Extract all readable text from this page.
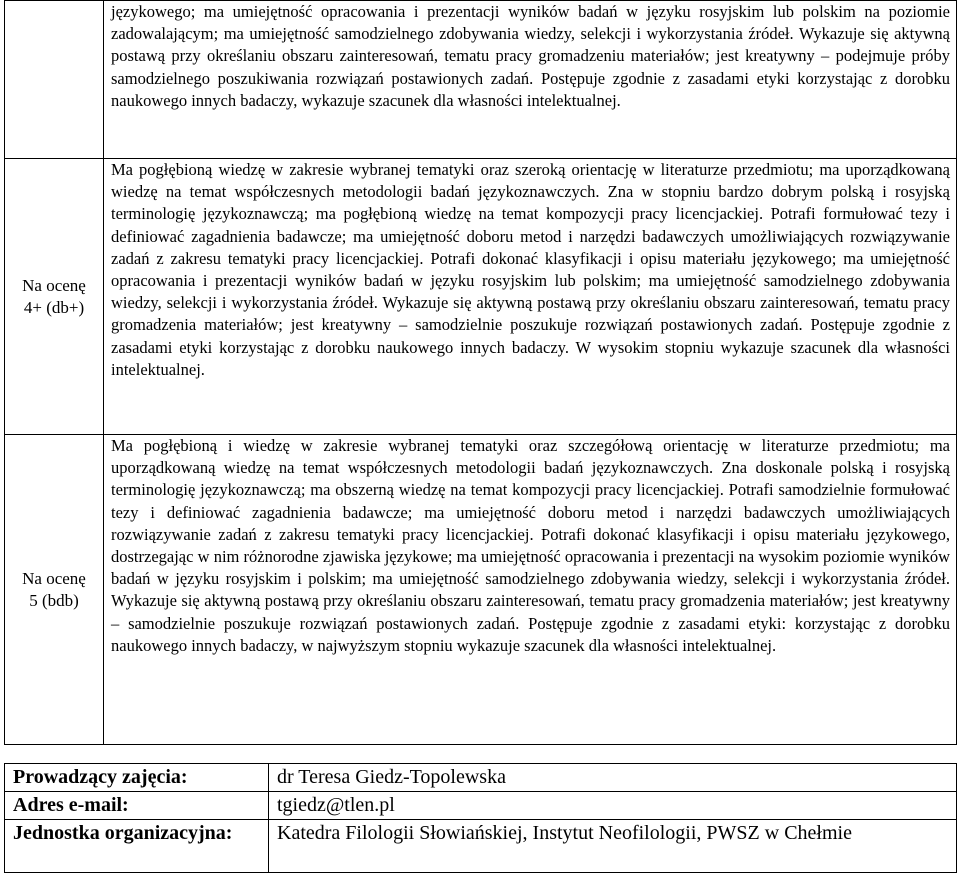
	językowego; ma umiejętność opracowania i prezentacji wyników badań w języku rosyjskim lub polskim na poziomie zadowalającym; ma umiejętność samodzielnego zdobywania wiedzy, selekcji i wykorzystania źródeł. Wykazuje się aktywną postawą przy określaniu obszaru zainteresowań, tematu pracy gromadzeniu materiałów; jest kreatywny – podejmuje próby samodzielnego poszukiwania rozwiązań postawionych zadań. Postępuje zgodnie z zasadami etyki korzystając z dorobku naukowego innych badaczy, wykazuje szacunek dla własności intelektualnej.

Na ocenę
4+ (db+)	Ma pogłębioną wiedzę w zakresie wybranej tematyki oraz szeroką orientację w literaturze przedmiotu; ma uporządkowaną wiedzę na temat współczesnych metodologii badań językoznawczych. Zna w stopniu bardzo dobrym polską i rosyjską terminologię językoznawczą; ma pogłębioną wiedzę na temat kompozycji pracy licencjackiej. Potrafi formułować tezy i definiować zagadnienia badawcze; ma umiejętność doboru metod i narzędzi badawczych umożliwiających rozwiązywanie zadań z zakresu tematyki pracy licencjackiej. Potrafi dokonać klasyfikacji i opisu materiału językowego; ma umiejętność opracowania i prezentacji wyników badań w języku rosyjskim lub polskim; ma umiejętność samodzielnego zdobywania wiedzy, selekcji i wykorzystania źródeł. Wykazuje się aktywną postawą przy określaniu obszaru zainteresowań, tematu pracy gromadzenia materiałów; jest kreatywny – samodzielnie poszukuje rozwiązań postawionych zadań. Postępuje zgodnie z zasadami etyki korzystając z dorobku naukowego innych badaczy. W wysokim stopniu wykazuje szacunek dla własności intelektualnej.

Na ocenę
5 (bdb)	Ma pogłębioną i wiedzę w zakresie wybranej tematyki oraz szczegółową orientację w literaturze przedmiotu; ma uporządkowaną wiedzę na temat współczesnych metodologii badań językoznawczych. Zna doskonale polską i rosyjską terminologię językoznawczą; ma obszerną wiedzę na temat kompozycji pracy licencjackiej. Potrafi samodzielnie formułować tezy i definiować zagadnienia badawcze; ma umiejętność doboru metod i narzędzi badawczych umożliwiających rozwiązywanie zadań z zakresu tematyki pracy licencjackiej. Potrafi dokonać klasyfikacji i opisu materiału językowego, dostrzegając w nim różnorodne zjawiska językowe; ma umiejętność opracowania i prezentacji na wysokim poziomie wyników badań w języku rosyjskim i polskim; ma umiejętność samodzielnego zdobywania wiedzy, selekcji i wykorzystania źródeł. Wykazuje się aktywną postawą przy określaniu obszaru zainteresowań, tematu pracy gromadzenia materiałów; jest kreatywny – samodzielnie poszukuje rozwiązań postawionych zadań. Postępuje zgodnie z zasadami etyki: korzystając z dorobku naukowego innych badaczy, w najwyższym stopniu wykazuje szacunek dla własności intelektualnej.

Prowadzący zajęcia:	dr Teresa Giedz-Topolewska
Adres e-mail:	tgiedz@tlen.pl
Jednostka organizacyjna:	Katedra Filologii Słowiańskiej, Instytut Neofilologii, PWSZ w Chełmie
